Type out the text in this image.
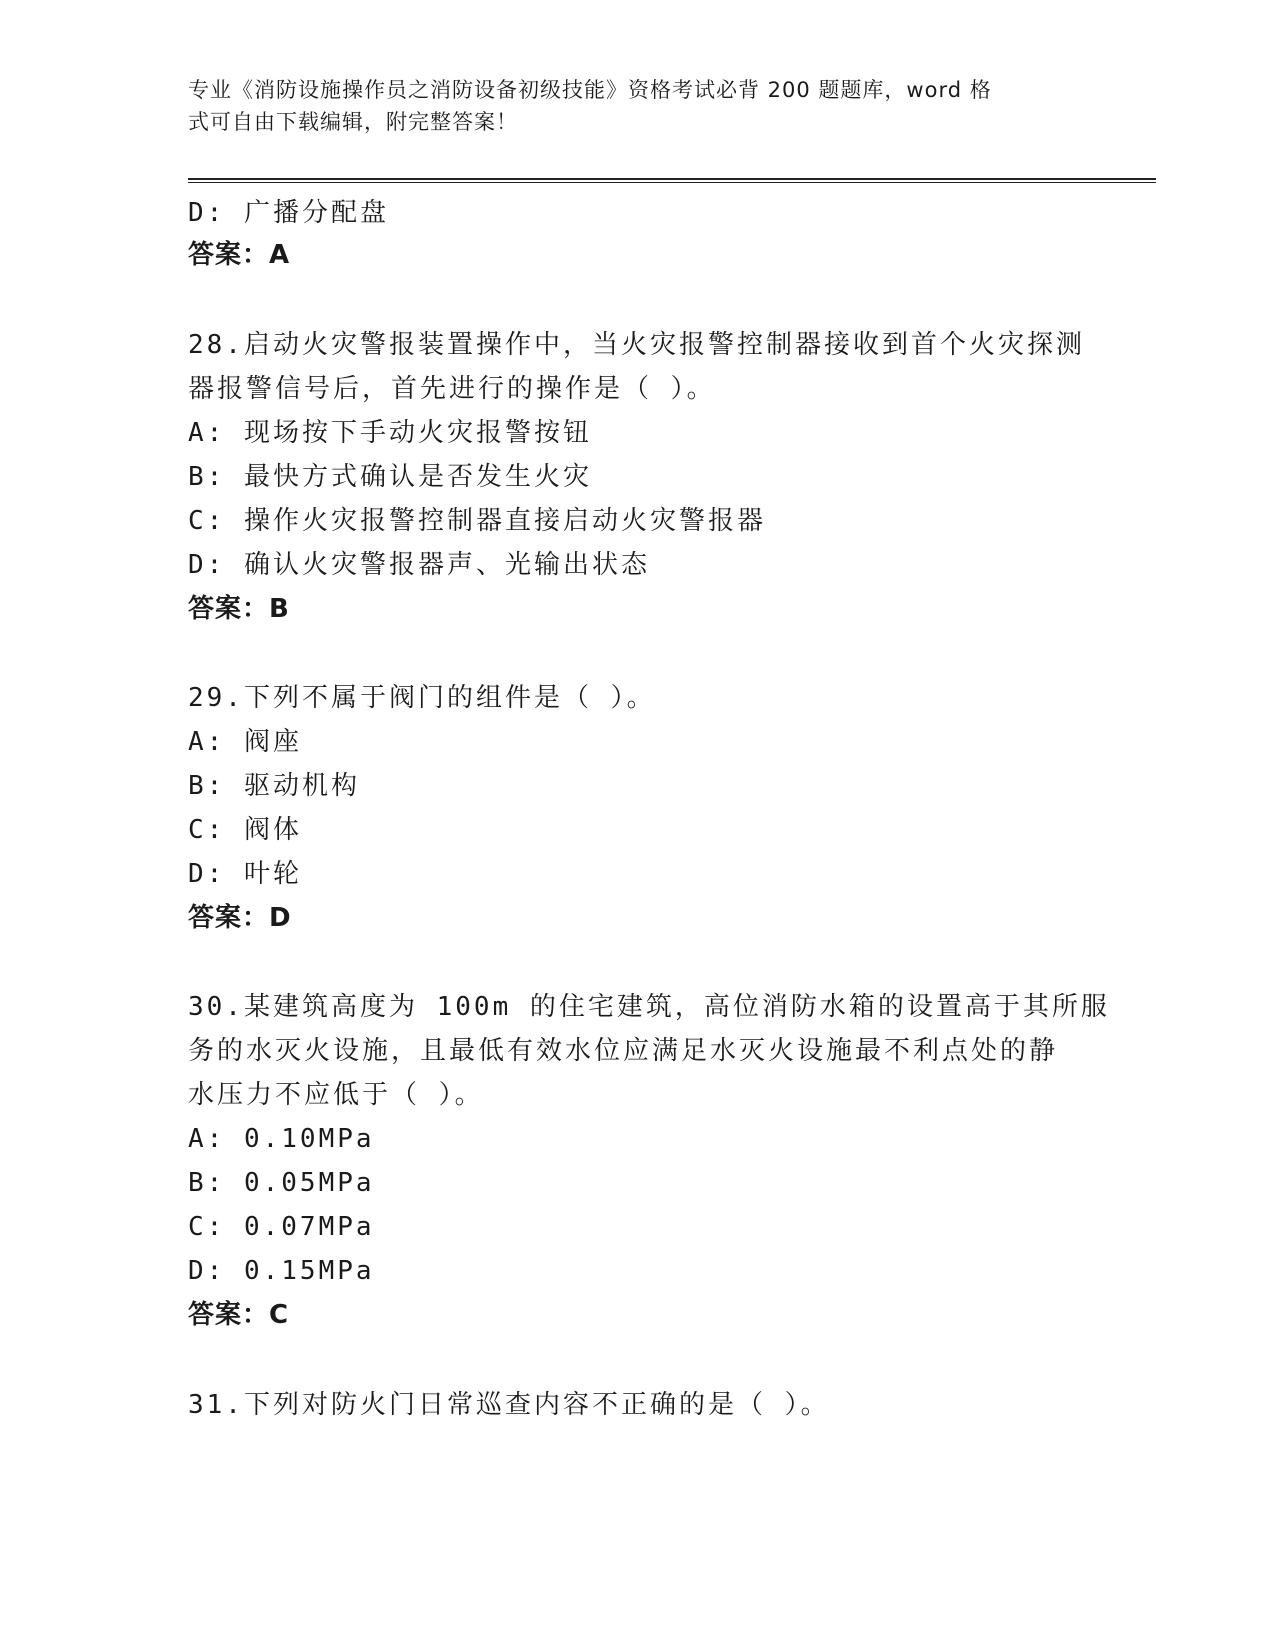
专业《消防设施操作员之消防设备初级技能》资格考试必背 200 题题库，word 格
式可自由下载编辑，附完整答案！
D: 广播分配盘
答案：A
28.启动火灾警报装置操作中，当火灾报警控制器接收到首个火灾探测
器报警信号后，首先进行的操作是（ ）。
A: 现场按下手动火灾报警按钮
B: 最快方式确认是否发生火灾
C: 操作火灾报警控制器直接启动火灾警报器
D: 确认火灾警报器声、光输出状态
答案：B
29.下列不属于阀门的组件是（ ）。
A: 阀座
B: 驱动机构
C: 阀体
D: 叶轮
答案：D
30.某建筑高度为 100m 的住宅建筑，高位消防水箱的设置高于其所服
务的水灭火设施，且最低有效水位应满足水灭火设施最不利点处的静
水压力不应低于（ ）。
A: 0.10MPa
B: 0.05MPa
C: 0.07MPa
D: 0.15MPa
答案：C
31.下列对防火门日常巡查内容不正确的是（ ）。
